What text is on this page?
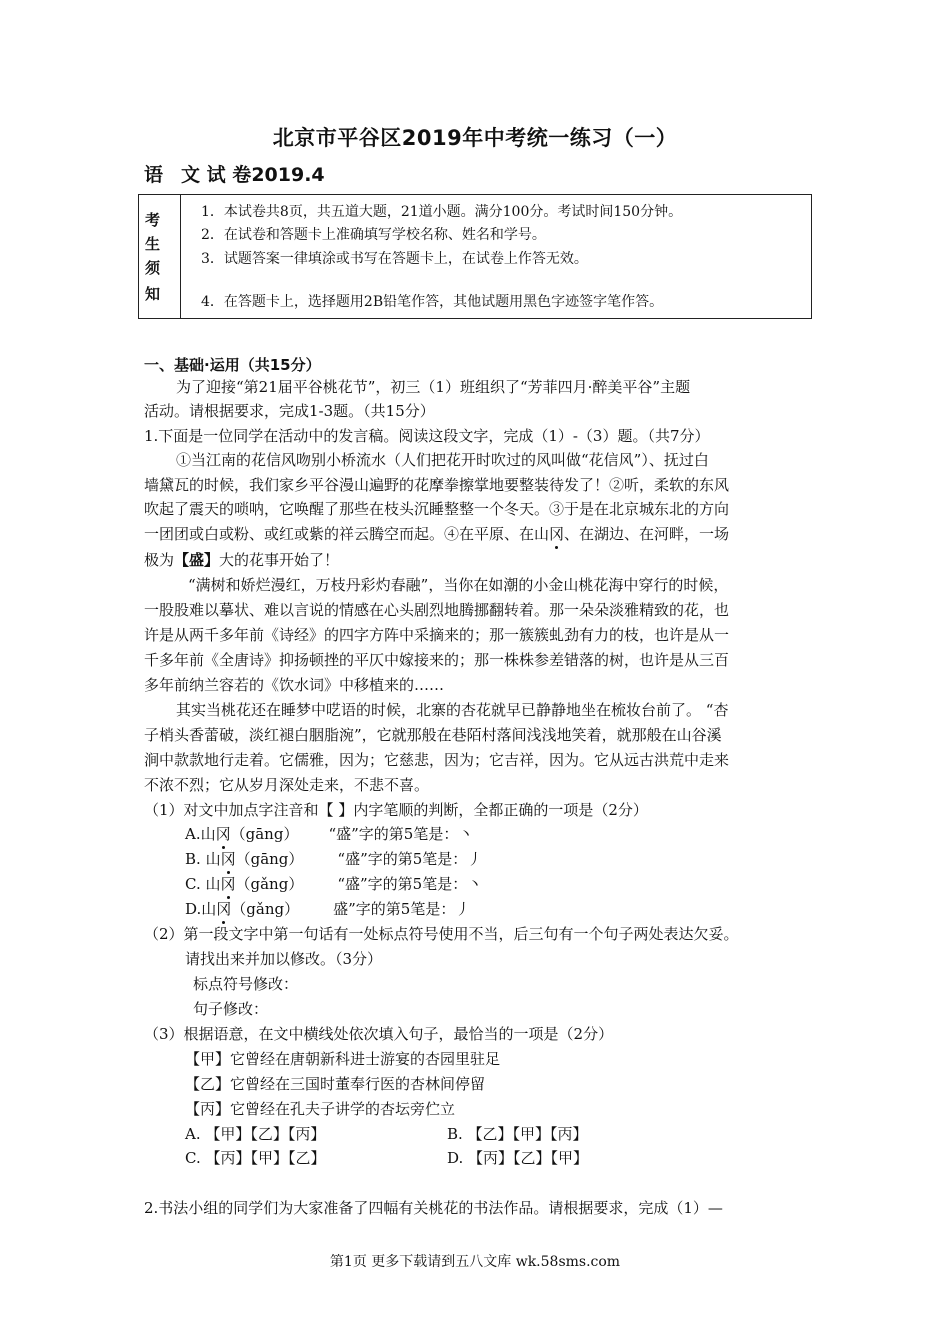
北京市平谷区2019年中考统一练习（一）
语 文 试 卷2019.4
考
生
须
知
1．本试卷共8页，共五道大题，21道小题。满分100分。考试时间150分钟。
2．在试卷和答题卡上准确填写学校名称、姓名和学号。
3．试题答案一律填涂或书写在答题卡上，在试卷上作答无效。
4．在答题卡上，选择题用2B铅笔作答，其他试题用黑色字迹签字笔作答。
一、基础·运用（共15分）
为了迎接“第21届平谷桃花节”，初三（1）班组织了“芳菲四月·醉美平谷”主题
活动。请根据要求，完成1-3题。（共15分）
1.下面是一位同学在活动中的发言稿。阅读这段文字，完成（1）-（3）题。（共7分）
①当江南的花信风吻别小桥流水（人们把花开时吹过的风叫做“花信风”）、抚过白
墙黛瓦的时候，我们家乡平谷漫山遍野的花摩拳擦掌地要整装待发了！②听，柔软的东风
吹起了震天的唢呐，它唤醒了那些在枝头沉睡整整一个冬天。③于是在北京城东北的方向
一团团或白或粉、或红或紫的祥云腾空而起。④在平原、在山冈、在湖边、在河畔，一场
极为【盛】大的花事开始了！
“满树和娇烂漫红，万枝丹彩灼春融”，当你在如潮的小金山桃花海中穿行的时候，
一股股难以摹状、难以言说的情感在心头剧烈地腾挪翻转着。那一朵朵淡雅精致的花，也
许是从两千多年前《诗经》的四字方阵中采摘来的；那一簇簇虬劲有力的枝，也许是从一
千多年前《全唐诗》抑扬顿挫的平仄中嫁接来的；那一株株参差错落的树，也许是从三百
多年前纳兰容若的《饮水词》中移植来的……
其实当桃花还在睡梦中呓语的时候，北寨的杏花就早已静静地坐在梳妆台前了。 “杏
子梢头香蕾破，淡红褪白胭脂涴”，它就那般在巷陌村落间浅浅地笑着，就那般在山谷溪
涧中款款地行走着。它儒雅，因为；它慈悲，因为；它吉祥，因为。它从远古洪荒中走来
不浓不烈；它从岁月深处走来，不悲不喜。
（1）对文中加点字注音和【 】内字笔顺的判断，全都正确的一项是（2分）
A.山冈（gāng） “盛”字的第5笔是：丶
B. 山冈（gāng） “盛”字的第5笔是：丿
C. 山冈（gǎng） “盛”字的第5笔是：丶
D.山冈（gǎng） 盛”字的第5笔是：丿
（2）第一段文字中第一句话有一处标点符号使用不当，后三句有一个句子两处表达欠妥。
请找出来并加以修改。（3分）
标点符号修改：
句子修改：
（3）根据语意，在文中横线处依次填入句子，最恰当的一项是（2分）
【甲】它曾经在唐朝新科进士游宴的杏园里驻足
【乙】它曾经在三国时董奉行医的杏林间停留
【丙】它曾经在孔夫子讲学的杏坛旁伫立
A. 【甲】【乙】【丙】	B. 【乙】【甲】【丙】
C. 【丙】【甲】【乙】	D. 【丙】【乙】【甲】
2.书法小组的同学们为大家准备了四幅有关桃花的书法作品。请根据要求，完成（1）—
第1页 更多下载请到五八文库 wk.58sms.com
